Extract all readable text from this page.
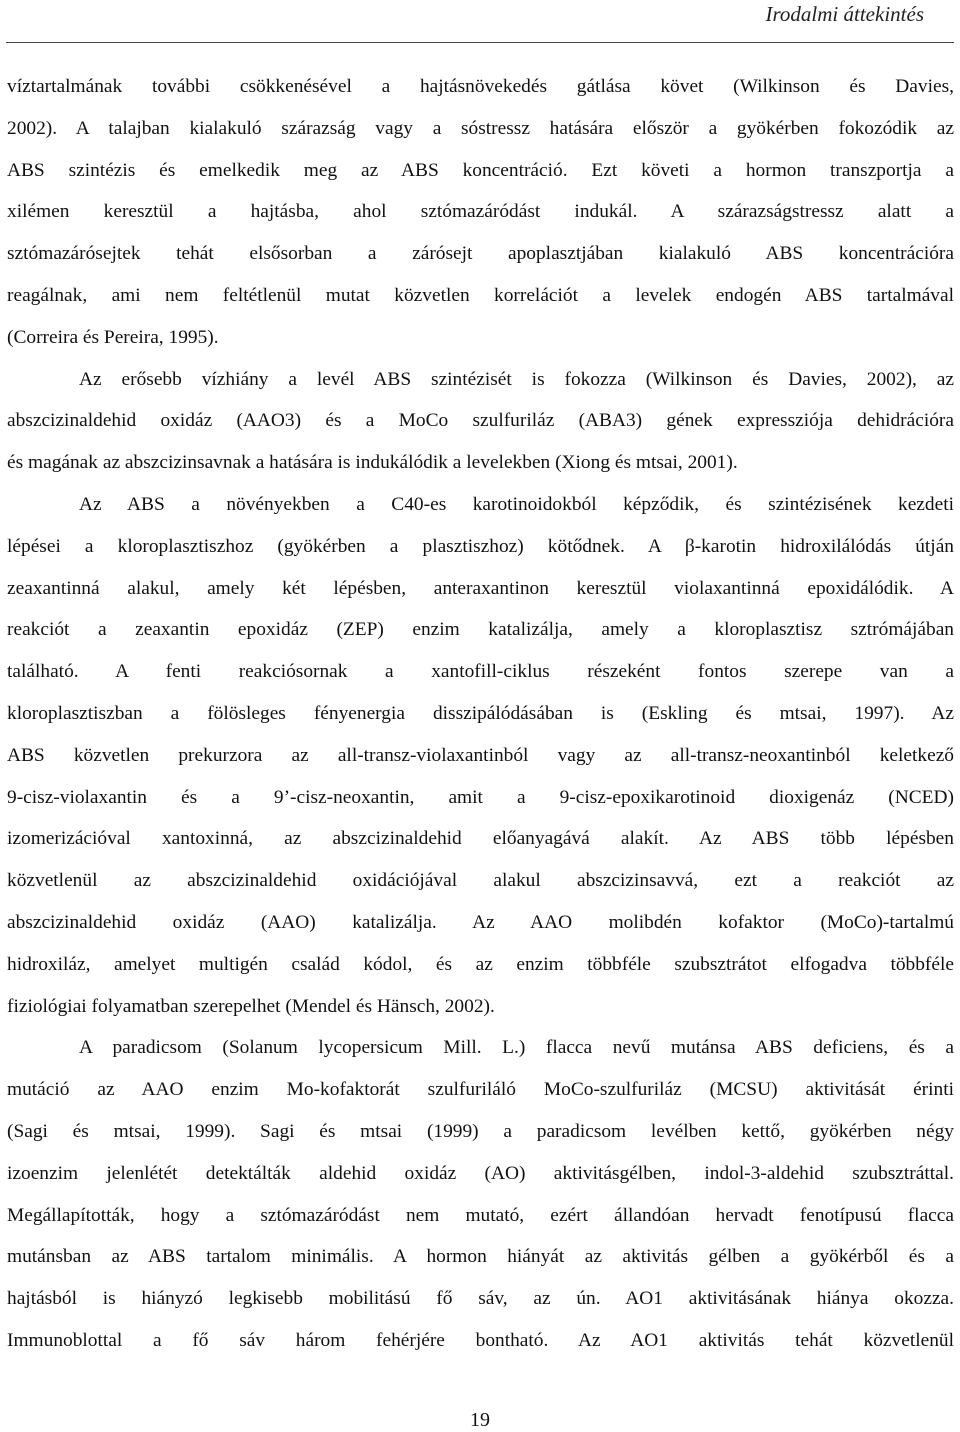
Irodalmi áttekintés

víztartalmának további csökkenésével a hajtásnövekedés gátlása követ (Wilkinson és Davies,
2002). A talajban kialakuló szárazság vagy a sóstressz hatására először a gyökérben fokozódik az
ABS szintézis és emelkedik meg az ABS koncentráció. Ezt követi a hormon transzportja a
xilémen keresztül a hajtásba, ahol sztómazáródást indukál. A szárazságstressz alatt a
sztómazárósejtek tehát elsősorban a zárósejt apoplasztjában kialakuló ABS koncentrációra
reagálnak, ami nem feltétlenül mutat közvetlen korrelációt a levelek endogén ABS tartalmával
(Correira és Pereira, 1995).

Az erősebb vízhiány a levél ABS szintézisét is fokozza (Wilkinson és Davies, 2002), az
abszcizinaldehid oxidáz (AAO3) és a MoCo szulfuriláz (ABA3) gének expressziója dehidrációra
és magának az abszcizinsavnak a hatására is indukálódik a levelekben (Xiong és mtsai, 2001).

Az ABS a növényekben a C40-es karotinoidokból képződik, és szintézisének kezdeti
lépései a kloroplasztiszhoz (gyökérben a plasztiszhoz) kötődnek. A β-karotin hidroxilálódás útján
zeaxantinná alakul, amely két lépésben, anteraxantinon keresztül violaxantinná epoxidálódik. A
reakciót a zeaxantin epoxidáz (ZEP) enzim katalizálja, amely a kloroplasztisz sztrómájában
található. A fenti reakciósornak a xantofill-ciklus részeként fontos szerepe van a
kloroplasztiszban a fölösleges fényenergia disszipálódásában is (Eskling és mtsai, 1997). Az
ABS közvetlen prekurzora az all-transz-violaxantinból vagy az all-transz-neoxantinból keletkező
9-cisz-violaxantin és a 9’-cisz-neoxantin, amit a 9-cisz-epoxikarotinoid dioxigenáz (NCED)
izomerizációval xantoxinná, az abszcizinaldehid előanyagává alakít. Az ABS több lépésben
közvetlenül az abszcizinaldehid oxidációjával alakul abszcizinsavvá, ezt a reakciót az
abszcizinaldehid oxidáz (AAO) katalizálja. Az AAO molibdén kofaktor (MoCo)-tartalmú
hidroxiláz, amelyet multigén család kódol, és az enzim többféle szubsztrátot elfogadva többféle
fiziológiai folyamatban szerepelhet (Mendel és Hänsch, 2002).

A paradicsom (Solanum lycopersicum Mill. L.) flacca nevű mutánsa ABS deficiens, és a
mutáció az AAO enzim Mo-kofaktorát szulfuriláló MoCo-szulfuriláz (MCSU) aktivitását érinti
(Sagi és mtsai, 1999). Sagi és mtsai (1999) a paradicsom levélben kettő, gyökérben négy
izoenzim jelenlétét detektálták aldehid oxidáz (AO) aktivitásgélben, indol-3-aldehid szubsztráttal.
Megállapították, hogy a sztómazáródást nem mutató, ezért állandóan hervadt fenotípusú flacca
mutánsban az ABS tartalom minimális. A hormon hiányát az aktivitás gélben a gyökérből és a
hajtásból is hiányzó legkisebb mobilitású fő sáv, az ún. AO1 aktivitásának hiánya okozza.
Immunoblottal a fő sáv három fehérjére bontható. Az AO1 aktivitás tehát közvetlenül

19
